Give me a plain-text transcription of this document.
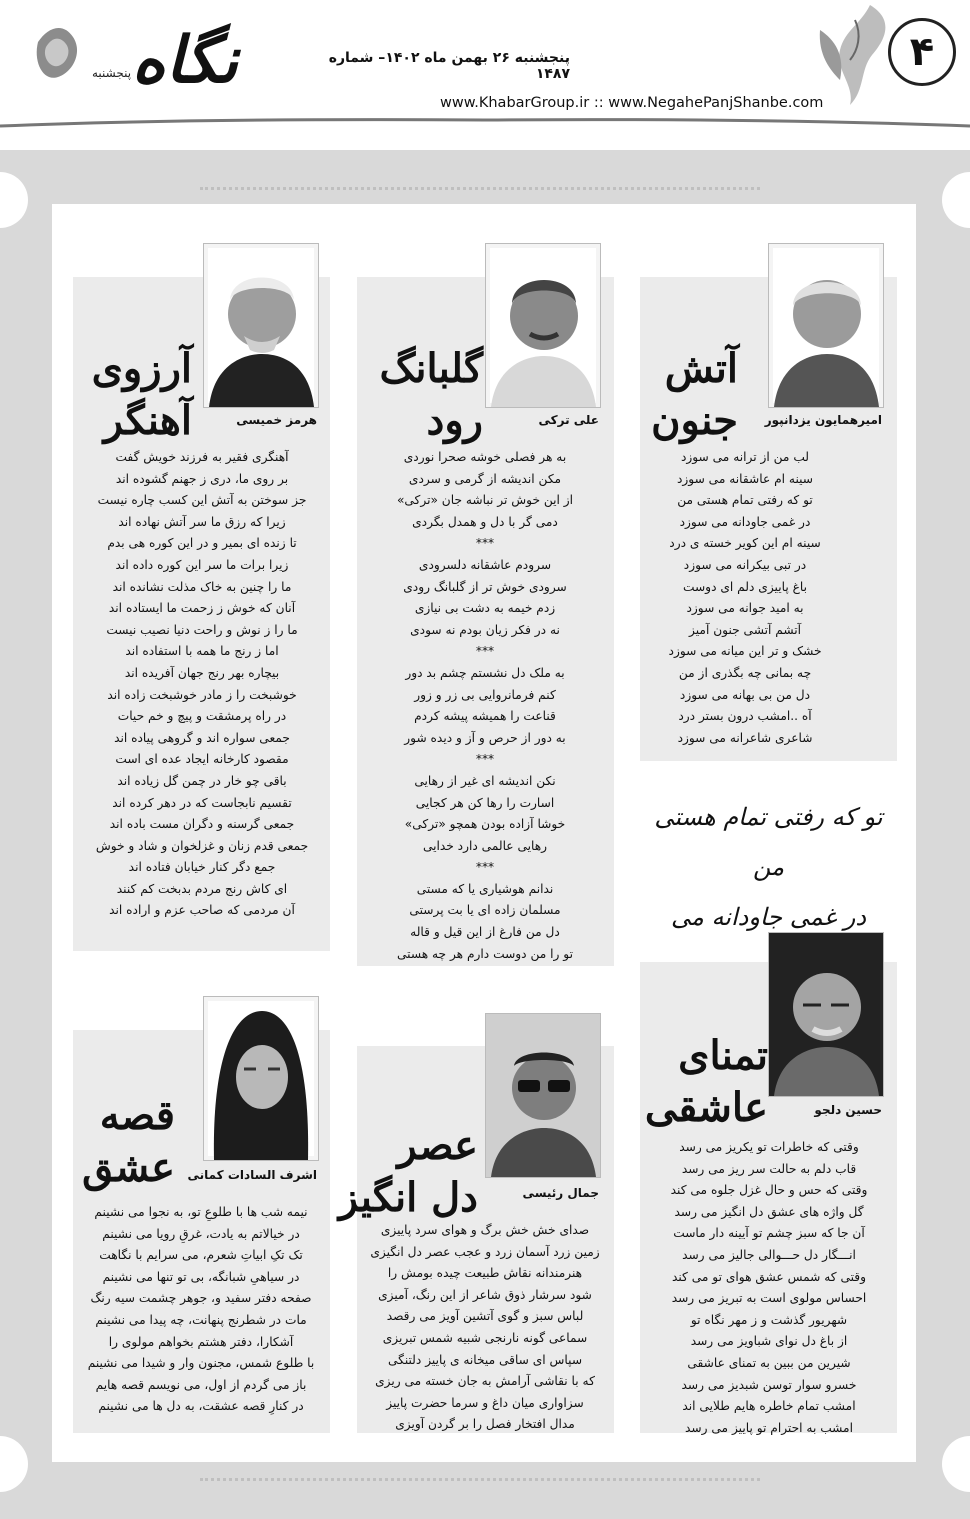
۴
پنجشنبه ۲۶ بهمن ماه ۱۴۰۲– شماره ۱۴۸۷
www.KhabarGroup.ir :: www.NegahePanjShanbe.com
نگاه
پنجشنبه
آتش
جنون	امیرهمایون یزدانپور
لب من از ترانه می سوزد
سینه ام عاشقانه می سوزد
تو که رفتی تمام هستی من
در غمی جاودانه می سوزد
سینه ام این کویر خسته ی درد
در تبی بیکرانه می سوزد
باغ پاییزی دلم ای دوست
به امید جوانه می سوزد
آتشم آتشی جنون آمیز
خشک و تر این میانه می سوزد
چه بمانی چه بگذری از من
دل من بی بهانه می سوزد
آه ..امشب درون بستر درد
شاعری شاعرانه می سوزد
گلبانگ
رود	علی ترکی
به هر فصلی خوشه صحرا نوردی
مکن اندیشه از گرمی و سردی
از این خوش تر نباشه جان «ترکی»
دمی گر با دل و همدل بگردی
***
سرودم عاشقانه دلسرودی
سرودی خوش تر از گلبانگ رودی
زدم خیمه به دشت بی نیازی
نه در فکر زیان بودم نه سودی
***
به ملک دل نشستم چشم بد دور
کنم فرمانروایی بی زر و زور
قناعت را همیشه پیشه کردم
به دور از حرص و آز و دیده شور
***
نکن اندیشه ای غیر از رهایی
اسارت را رها کن هر کجایی
خوشا آزاده بودن همچو «ترکی»
رهایی عالمی دارد خدایی
***
ندانم هوشیاری یا که مستی
مسلمان زاده ای یا بت پرستی
دل من فارغ از این قیل و قاله
تو را من دوست دارم هر چه هستی
آرزوی
آهنگر	هرمز خمیسی
آهنگری فقیر به فرزند خویش گفت
بر روی ما، دری ز جهنم گشوده اند
جز سوختن به آتش این کسب چاره نیست
زیرا که رزق ما سر آتش نهاده اند
تا زنده ای بمیر و در این کوره هی بدم
زیرا برات ما سر این کوره داده اند
ما را چنین به خاک مذلت نشانده اند
آنان که خوش ز زحمت ما ایستاده اند
ما را ز نوش و راحت دنیا نصیب نیست
اما ز رنج ما همه با استفاده اند
بیچاره بهر رنج جهان آفریده اند
خوشبخت را ز مادر خوشبخت زاده اند
در راه پرمشقت و پیچ و خم حیات
جمعی سواره اند و گروهی پیاده اند
مقصود کارخانه ایجاد عده ای است
باقی چو خار در چمن گل زیاده اند
تقسیم نابجاست که در دهر کرده اند
جمعی گرسنه و دگران مست باده اند
جمعی قدم زنان و غزلخوان و شاد و خوش
جمع دگر کنار خیابان فتاده اند
ای کاش رنج مردم بدبخت کم کنند
آن مردمی که صاحب عزم و اراده اند
تو که رفتی تمام هستی من
در غمی جاودانه می
تمنای
عاشقی	حسین دلجو
وقتی که خاطرات تو یکریز می رسد
قاب دلم به حالت سر ریز می رسد
وقتی که حس و حال غزل جلوه می کند
گل واژه های عشق دل انگیز می رسد
آن جا که سبز چشم تو آیینه دار ماست
انـــگار دل حـــوالی جالیز می رسد
وقتی که شمس عشق هوای تو می کند
احساس مولوی است به تبریز می رسد
شهریور گذشت و ز مهر نگاه تو
از باغ دل نوای شباویز می رسد
شیرین من ببین به تمنای عاشقی
خسرو سوار توسن شبدیز می رسد
امشب تمام خاطره هایم طلایی اند
امشب به احترام تو پاییز می رسد
عصر
دل انگیز	جمال رئیسی
صدای خش خش برگ و هوای سرد پاییزی
زمین زرد آسمان زرد و عجب عصر دل انگیزی
هنرمندانه نقاش طبیعت چیده بومش را
شود سرشار ذوق شاعر از این رنگ، آمیزی
لباس سبز و گوی آتشین آویز می رقصد
سماعی گونه نارنجی شبیه شمس تبریزی
سپاس ای ساقی میخانه ی پاییز دلتنگی
که با نقاشی آرامش به جان خسته می ریزی
سزاواری میان داغ و سرما حضرت پاییز
مدال افتخار فصل را بر گردن آویزی
قصه
عشق اشرف السادات کمانی
نیمه شب ها با طلوعِ تو، به نجوا می نشینم
در خیالاتم به یادت، غرقِ رویا می نشینم
تک تکِ ابیاتِ شعرم، می سرایم با نگاهت
در سیاهیِ شبانگه، بی تو تنها می نشینم
صفحه دفتر سفید و، جوهر چشمت سیه رنگ
مات در شطرنج پنهانت، چه پیدا می نشینم
آشکارا، دفتر هشتم بخواهم مولوی را
با طلوع شمس، مجنون وار و شیدا می نشینم
باز می گردم از اول، می نویسم قصه هایم
در کنارِ قصه عشقت، به دل ها می نشینم
